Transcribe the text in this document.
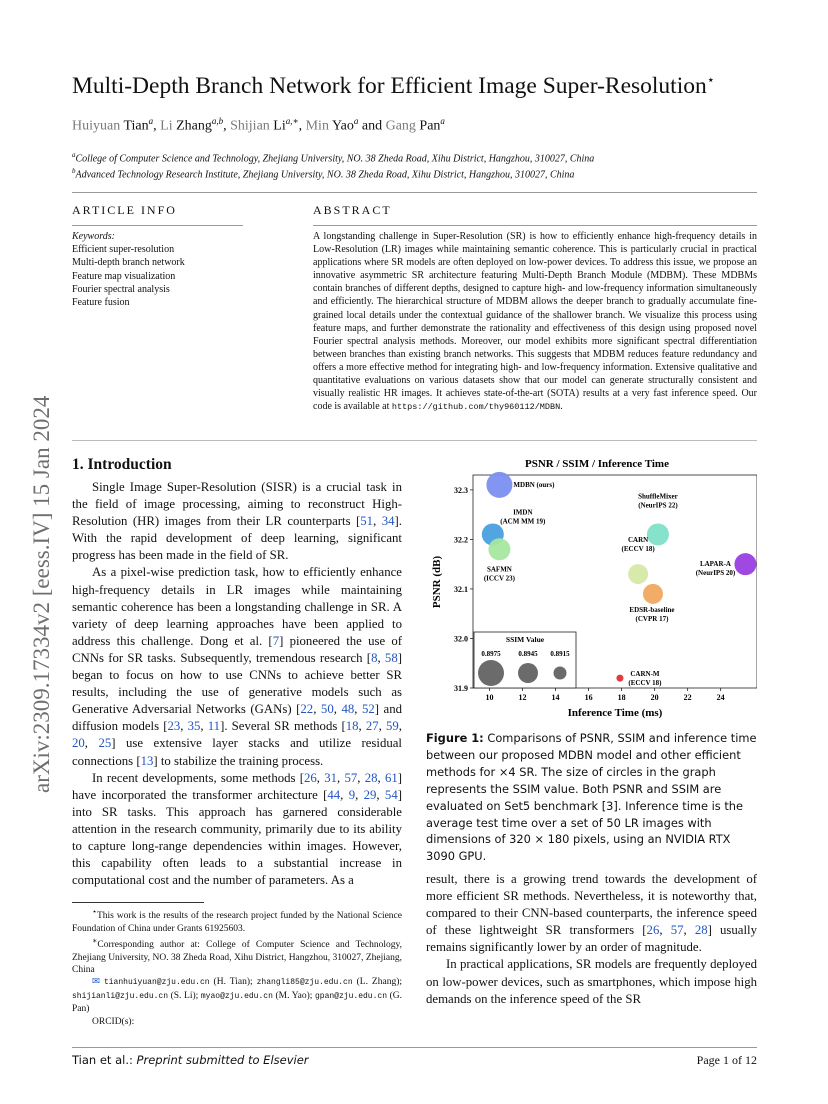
Multi-Depth Branch Network for Efficient Image Super-Resolution⋆
Huiyuan Tian$^a$, Li Zhang$^{a,b}$, Shijian $Li^{a,∗}$, Min Yao$^a$ and Gang Pan$^a$
$^a$College of Computer Science and Technology, Zhejiang University, NO. 38 Zheda Road, Xihu District, Hangzhou, 310027, China
$^b$Advanced Technology Research Institute, Zhejiang University, NO. 38 Zheda Road, Xihu District, Hangzhou, 310027, China
ARTICLE INFO
Keywords:
Efficient super-resolution
Multi-depth branch network
Feature map visualization
Fourier spectral analysis
Feature fusion
ABSTRACT
A longstanding challenge in Super-Resolution (SR) is how to efficiently enhance high-frequency details in Low-Resolution (LR) images while maintaining semantic coherence. This is particularly crucial in practical applications where SR models are often deployed on low-power devices. To address this issue, we propose an innovative asymmetric SR architecture featuring Multi-Depth Branch Module (MDBM). These MDBMs contain branches of different depths, designed to capture high- and low-frequency information simultaneously and efficiently. The hierarchical structure of MDBM allows the deeper branch to gradually accumulate fine-grained local details under the contextual guidance of the shallower branch. We visualize this process using feature maps, and further demonstrate the rationality and effectiveness of this design using proposed novel Fourier spectral analysis methods. Moreover, our model exhibits more significant spectral differentiation between branches than existing branch networks. This suggests that MDBM reduces feature redundancy and offers a more effective method for integrating high- and low-frequency information. Extensive qualitative and quantitative evaluations on various datasets show that our model can generate structurally consistent and visually realistic HR images. It achieves state-of-the-art (SOTA) results at a very fast inference speed. Our code is available at https://github.com/thy960112/MDBN.
arXiv:2309.17334v2 [eess.IV] 15 Jan 2024 1. Introduction

Single Image Super-Resolution (SISR) is a crucial task in the field of image processing, aiming to reconstruct High-Resolution (HR) images from their LR counterparts [51, 34]. With the rapid development of deep learning, significant progress has been made in the field of SR.

As a pixel-wise prediction task, how to efficiently enhance high-frequency details in LR images while maintaining semantic coherence has been a longstanding challenge in SR. A variety of deep learning approaches have been applied to address this challenge. Dong et al. [7] pioneered the use of CNNs for SR tasks. Subsequently, tremendous research [8, 58] began to focus on how to use CNNs to achieve better SR results, including the use of generative models such as Generative Adversarial Networks (GANs) [22, 50, 48, 52] and diffusion models [23, 35, 11]. Several SR methods [18, 27, 59, 20, 25] use extensive layer stacks and utilize residual connections [13] to stabilize the training process.

In recent developments, some methods [26, 31, 57, 28, 61] have incorporated the transformer architecture [44, 9, 29, 54] into SR tasks. This approach has garnered considerable attention in the research community, primarily due to its ability to capture long-range dependencies within images. However, this capability often leads to a substantial increase in computational cost and the number of parameters. As a

⋆This work is the results of the research project funded by the National Science Foundation of China under Grants 61925603.

∗Corresponding author at: College of Computer Science and Technology, Zhejiang University, NO. 38 Zheda Road, Xihu District, Hangzhou, 310027, Zhejiang, China

✉ tianhuiyuan@zju.edu.cn (H. Tian); zhangli85@zju.edu.cn (L. Zhang); shijianli@zju.edu.cn (S. Li); myao@zju.edu.cn (M. Yao); gpan@zju.edu.cn (G. Pan)

ORCID(s):

PSNR / SSIM / Inference Time
10	12	14	16	18	20	22	24
31.9
32.0
32.1
32.2
32.3
MDBN (ours)
IMDN
(ACM MM 19)
SAFMN
(ICCV 23)
ShuffleMixer
(NeurIPS 22)
CARN
(ECCV 18)
LAPAR-A
(NeurIPS 20)
EDSR-baseline
(CVPR 17)
CARN-M
(ECCV 18)
SSIM Value
0.8975	0.8945 0.8915
Inference Time (ms)
PSNR (dB)
Figure 1: Comparisons of PSNR, SSIM and inference time between our proposed MDBN model and other efficient methods for ×4 SR. The size of circles in the graph represents the SSIM value. Both PSNR and SSIM are evaluated on Set5 benchmark [3]. Inference time is the average test time over a set of 50 LR images with dimensions of 320 × 180 pixels, using an NVIDIA RTX 3090 GPU.

result, there is a growing trend towards the development of more efficient SR methods. Nevertheless, it is noteworthy that, compared to their CNN-based counterparts, the inference speed of these lightweight SR transformers [26, 57, 28] usually remains significantly lower by an order of magnitude.

In practical applications, SR models are frequently deployed on low-power devices, such as smartphones, which impose high demands on the inference speed of the SR

Tian et al.: Preprint submitted to Elsevier	Page 1 of 12
